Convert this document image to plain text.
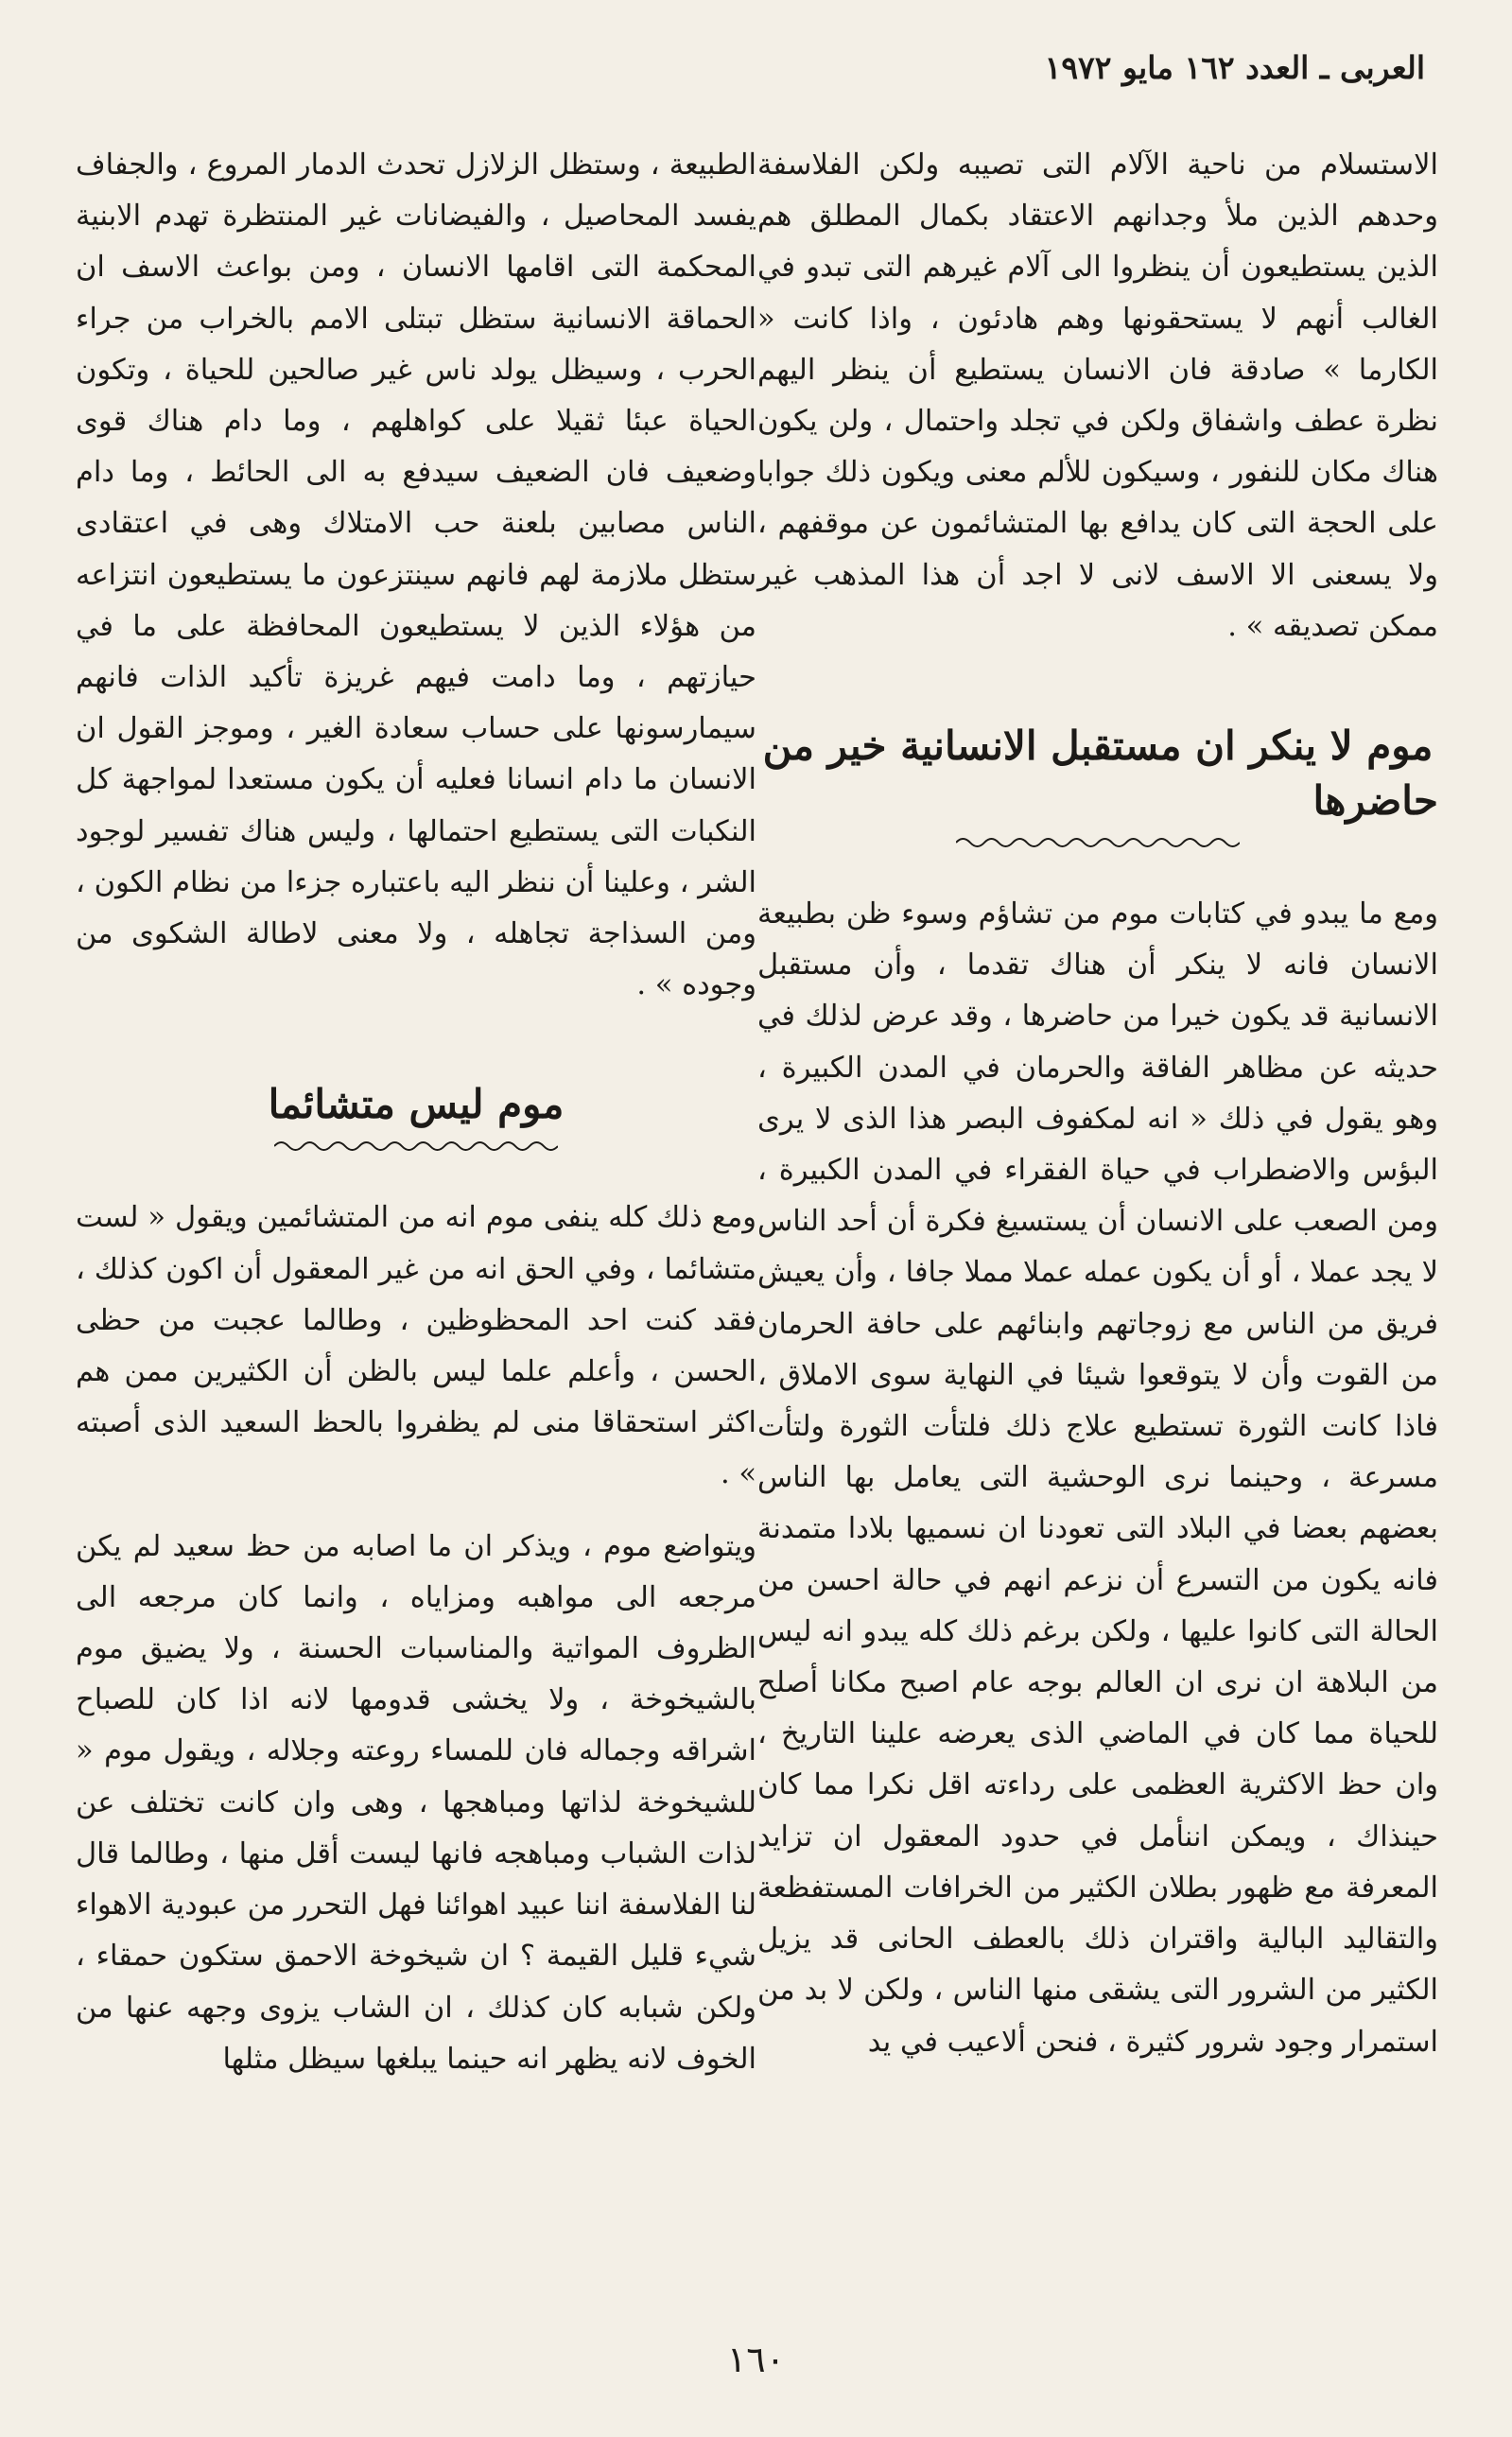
العربى ـ العدد ١٦٢ مايو ١٩٧٢

الاستسلام من ناحية الآلام التى تصيبه ولكن الفلاسفة وحدهم الذين ملأ وجدانهم الاعتقاد بكمال المطلق هم الذين يستطيعون أن ينظروا الى آلام غيرهم التى تبدو في الغالب أنهم لا يستحقونها وهم هادئون ، واذا كانت « الكارما » صادقة فان الانسان يستطيع أن ينظر اليهم نظرة عطف واشفاق ولكن في تجلد واحتمال ، ولن يكون هناك مكان للنفور ، وسيكون للألم معنى ويكون ذلك جوابا على الحجة التى كان يدافع بها المتشائمون عن موقفهم ، ولا يسعنى الا الاسف لانى لا اجد أن هذا المذهب غير ممكن تصديقه » .

موم لا ينكر ان مستقبل الانسانية خير من حاضرها

ومع ما يبدو في كتابات موم من تشاؤم وسوء ظن بطبيعة الانسان فانه لا ينكر أن هناك تقدما ، وأن مستقبل الانسانية قد يكون خيرا من حاضرها ، وقد عرض لذلك في حديثه عن مظاهر الفاقة والحرمان في المدن الكبيرة ، وهو يقول في ذلك « انه لمكفوف البصر هذا الذى لا يرى البؤس والاضطراب في حياة الفقراء في المدن الكبيرة ، ومن الصعب على الانسان أن يستسيغ فكرة أن أحد الناس لا يجد عملا ، أو أن يكون عمله عملا مملا جافا ، وأن يعيش فريق من الناس مع زوجاتهم وابنائهم على حافة الحرمان من القوت وأن لا يتوقعوا شيئا في النهاية سوى الاملاق ، فاذا كانت الثورة تستطيع علاج ذلك فلتأت الثورة ولتأت مسرعة ، وحينما نرى الوحشية التى يعامل بها الناس بعضهم بعضا في البلاد التى تعودنا ان نسميها بلادا متمدنة فانه يكون من التسرع أن نزعم انهم في حالة احسن من الحالة التى كانوا عليها ، ولكن برغم ذلك كله يبدو انه ليس من البلاهة ان نرى ان العالم بوجه عام اصبح مكانا أصلح للحياة مما كان في الماضي الذى يعرضه علينا التاريخ ، وان حظ الاكثرية العظمى على رداءته اقل نكرا مما كان حينذاك ، ويمكن اننأمل في حدود المعقول ان تزايد المعرفة مع ظهور بطلان الكثير من الخرافات المستفظعة والتقاليد البالية واقتران ذلك بالعطف الحانى قد يزيل الكثير من الشرور التى يشقى منها الناس ، ولكن لا بد من استمرار وجود شرور كثيرة ، فنحن ألاعيب في يد

الطبيعة ، وستظل الزلازل تحدث الدمار المروع ، والجفاف يفسد المحاصيل ، والفيضانات غير المنتظرة تهدم الابنية المحكمة التى اقامها الانسان ، ومن بواعث الاسف ان الحماقة الانسانية ستظل تبتلى الامم بالخراب من جراء الحرب ، وسيظل يولد ناس غير صالحين للحياة ، وتكون الحياة عبئا ثقيلا على كواهلهم ، وما دام هناك قوى وضعيف فان الضعيف سيدفع به الى الحائط ، وما دام الناس مصابين بلعنة حب الامتلاك وهى في اعتقادى ستظل ملازمة لهم فانهم سينتزعون ما يستطيعون انتزاعه من هؤلاء الذين لا يستطيعون المحافظة على ما في حيازتهم ، وما دامت فيهم غريزة تأكيد الذات فانهم سيمارسونها على حساب سعادة الغير ، وموجز القول ان الانسان ما دام انسانا فعليه أن يكون مستعدا لمواجهة كل النكبات التى يستطيع احتمالها ، وليس هناك تفسير لوجود الشر ، وعلينا أن ننظر اليه باعتباره جزءا من نظام الكون ، ومن السذاجة تجاهله ، ولا معنى لاطالة الشكوى من وجوده » .

موم ليس متشائما

ومع ذلك كله ينفى موم انه من المتشائمين ويقول « لست متشائما ، وفي الحق انه من غير المعقول أن اكون كذلك ، فقد كنت احد المحظوظين ، وطالما عجبت من حظى الحسن ، وأعلم علما ليس بالظن أن الكثيرين ممن هم اكثر استحقاقا منى لم يظفروا بالحظ السعيد الذى أصبته » .

ويتواضع موم ، ويذكر ان ما اصابه من حظ سعيد لم يكن مرجعه الى مواهبه ومزاياه ، وانما كان مرجعه الى الظروف المواتية والمناسبات الحسنة ، ولا يضيق موم بالشيخوخة ، ولا يخشى قدومها لانه اذا كان للصباح اشراقه وجماله فان للمساء روعته وجلاله ، ويقول موم « للشيخوخة لذاتها ومباهجها ، وهى وان كانت تختلف عن لذات الشباب ومباهجه فانها ليست أقل منها ، وطالما قال لنا الفلاسفة اننا عبيد اهوائنا فهل التحرر من عبودية الاهواء شيء قليل القيمة ؟ ان شيخوخة الاحمق ستكون حمقاء ، ولكن شبابه كان كذلك ، ان الشاب يزوى وجهه عنها من الخوف لانه يظهر انه حينما يبلغها سيظل مثلها

١٦٠
